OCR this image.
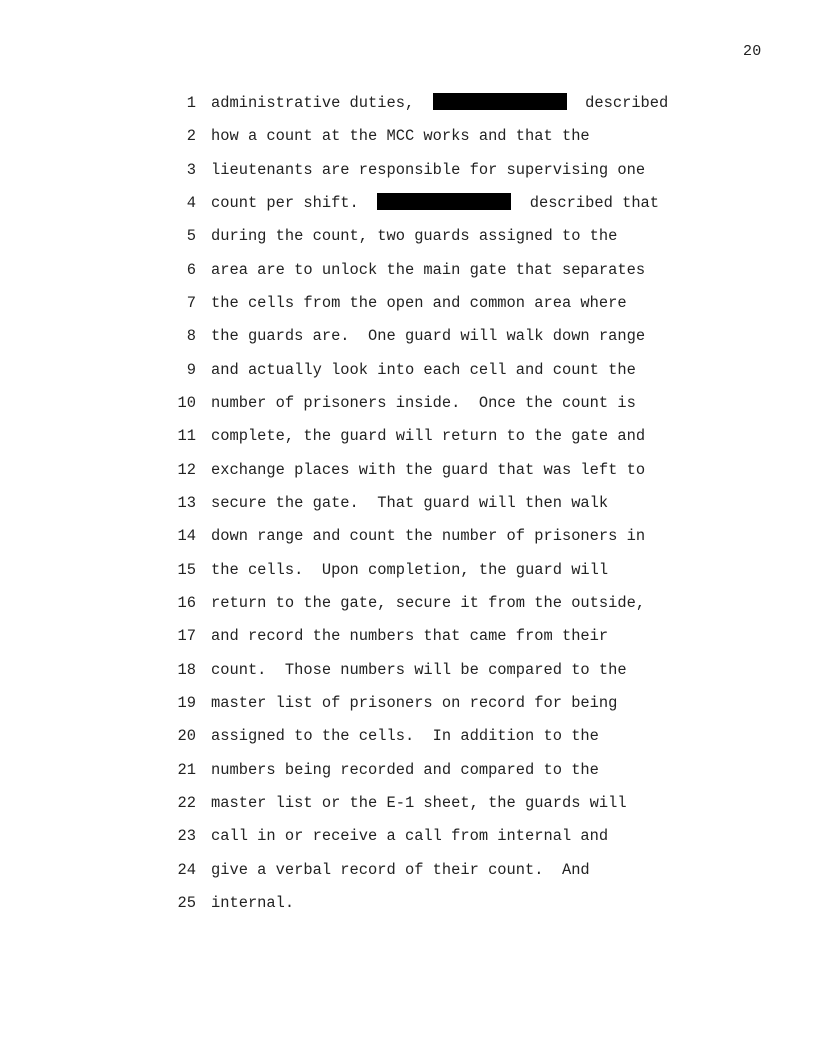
20
1 administrative duties,	described
2 how a count at the MCC works and that the
3 lieutenants are responsible for supervising one
4 count per shift.	described that
5 during the count, two guards assigned to the
6 area are to unlock the main gate that separates
7 the cells from the open and common area where
8 the guards are.  One guard will walk down range
9 and actually look into each cell and count the
10 number of prisoners inside.  Once the count is
11 complete, the guard will return to the gate and
12 exchange places with the guard that was left to
13 secure the gate.  That guard will then walk
14 down range and count the number of prisoners in
15 the cells.  Upon completion, the guard will
16 return to the gate, secure it from the outside,
17 and record the numbers that came from their
18 count.  Those numbers will be compared to the
19 master list of prisoners on record for being
20 assigned to the cells.  In addition to the
21 numbers being recorded and compared to the
22 master list or the E-1 sheet, the guards will
23 call in or receive a call from internal and
24 give a verbal record of their count.  And
25 internal.
